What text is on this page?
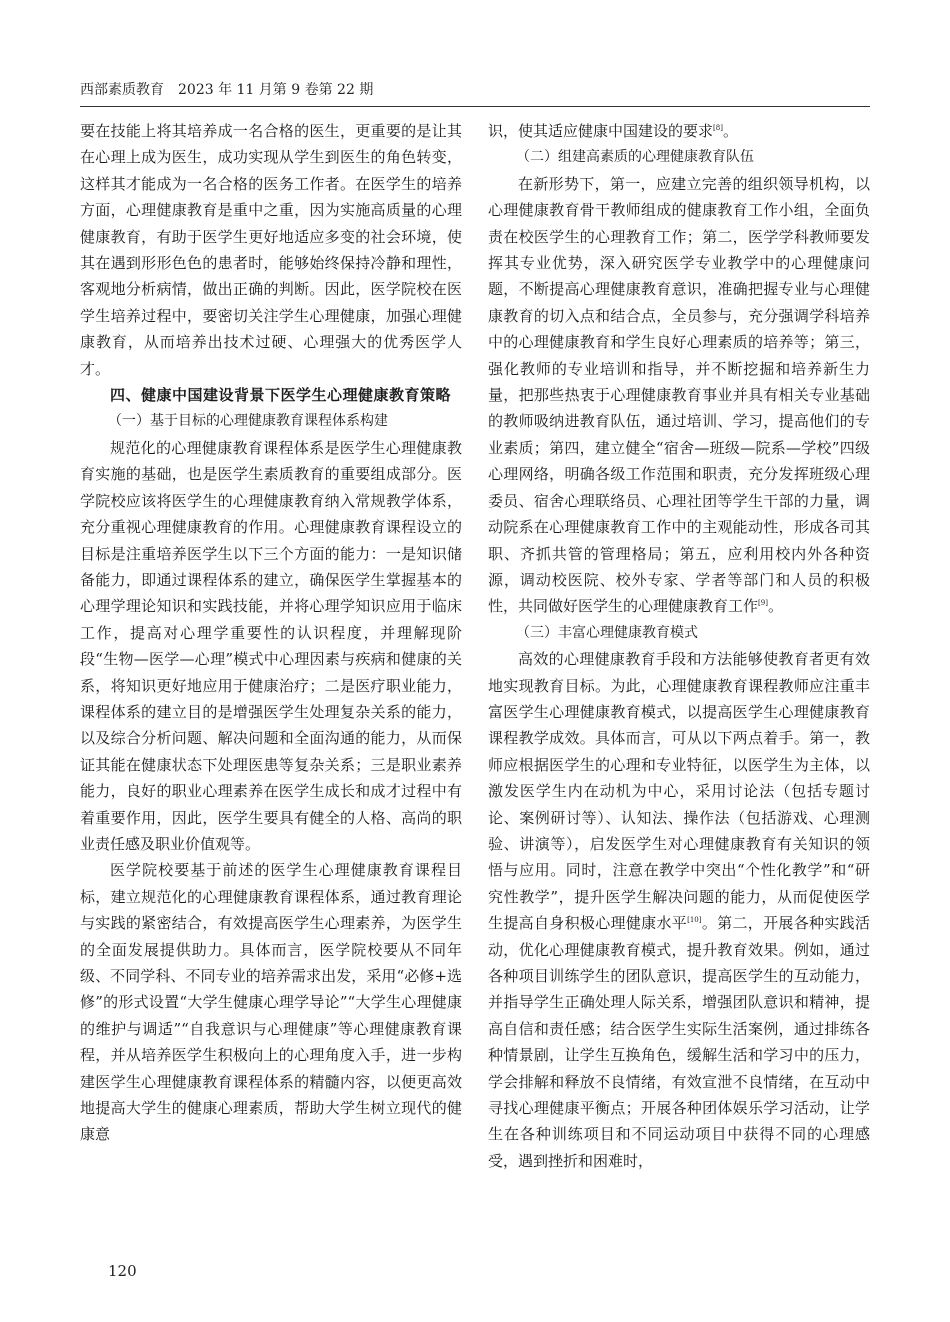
西部素质教育　2023 年 11 月第 9 卷第 22 期

要在技能上将其培养成一名合格的医生，更重要的是让其在心理上成为医生，成功实现从学生到医生的角色转变，这样其才能成为一名合格的医务工作者。在医学生的培养方面，心理健康教育是重中之重，因为实施高质量的心理健康教育，有助于医学生更好地适应多变的社会环境，使其在遇到形形色色的患者时，能够始终保持冷静和理性，客观地分析病情，做出正确的判断。因此，医学院校在医学生培养过程中，要密切关注学生心理健康，加强心理健康教育，从而培养出技术过硬、心理强大的优秀医学人才。

四、健康中国建设背景下医学生心理健康教育策略
（一）基于目标的心理健康教育课程体系构建

规范化的心理健康教育课程体系是医学生心理健康教育实施的基础，也是医学生素质教育的重要组成部分。医学院校应该将医学生的心理健康教育纳入常规教学体系，充分重视心理健康教育的作用。心理健康教育课程设立的目标是注重培养医学生以下三个方面的能力：一是知识储备能力，即通过课程体系的建立，确保医学生掌握基本的心理学理论知识和实践技能，并将心理学知识应用于临床工作，提高对心理学重要性的认识程度，并理解现阶段“生物—医学—心理”模式中心理因素与疾病和健康的关系，将知识更好地应用于健康治疗；二是医疗职业能力，课程体系的建立目的是增强医学生处理复杂关系的能力，以及综合分析问题、解决问题和全面沟通的能力，从而保证其能在健康状态下处理医患等复杂关系；三是职业素养能力，良好的职业心理素养在医学生成长和成才过程中有着重要作用，因此，医学生要具有健全的人格、高尚的职业责任感及职业价值观等。

医学院校要基于前述的医学生心理健康教育课程目标，建立规范化的心理健康教育课程体系，通过教育理论与实践的紧密结合，有效提高医学生心理素养，为医学生的全面发展提供助力。具体而言，医学院校要从不同年级、不同学科、不同专业的培养需求出发，采用“必修+选修”的形式设置“大学生健康心理学导论”“大学生心理健康的维护与调适”“自我意识与心理健康”等心理健康教育课程，并从培养医学生积极向上的心理角度入手，进一步构建医学生心理健康教育课程体系的精髓内容，以便更高效地提高大学生的健康心理素质，帮助大学生树立现代的健康意

识，使其适应健康中国建设的要求[8]。

（二）组建高素质的心理健康教育队伍

在新形势下，第一，应建立完善的组织领导机构，以心理健康教育骨干教师组成的健康教育工作小组，全面负责在校医学生的心理教育工作；第二，医学学科教师要发挥其专业优势，深入研究医学专业教学中的心理健康问题，不断提高心理健康教育意识，准确把握专业与心理健康教育的切入点和结合点，全员参与，充分强调学科培养中的心理健康教育和学生良好心理素质的培养等；第三，强化教师的专业培训和指导，并不断挖掘和培养新生力量，把那些热衷于心理健康教育事业并具有相关专业基础的教师吸纳进教育队伍，通过培训、学习，提高他们的专业素质；第四，建立健全“宿舍—班级—院系—学校”四级心理网络，明确各级工作范围和职责，充分发挥班级心理委员、宿舍心理联络员、心理社团等学生干部的力量，调动院系在心理健康教育工作中的主观能动性，形成各司其职、齐抓共管的管理格局；第五，应利用校内外各种资源，调动校医院、校外专家、学者等部门和人员的积极性，共同做好医学生的心理健康教育工作[9]。

（三）丰富心理健康教育模式

高效的心理健康教育手段和方法能够使教育者更有效地实现教育目标。为此，心理健康教育课程教师应注重丰富医学生心理健康教育模式，以提高医学生心理健康教育课程教学成效。具体而言，可从以下两点着手。第一，教师应根据医学生的心理和专业特征，以医学生为主体，以激发医学生内在动机为中心，采用讨论法（包括专题讨论、案例研讨等）、认知法、操作法（包括游戏、心理测验、讲演等），启发医学生对心理健康教育有关知识的领悟与应用。同时，注意在教学中突出“个性化教学”和“研究性教学”，提升医学生解决问题的能力，从而促使医学生提高自身积极心理健康水平[10]。第二，开展各种实践活动，优化心理健康教育模式，提升教育效果。例如，通过各种项目训练学生的团队意识，提高医学生的互动能力，并指导学生正确处理人际关系，增强团队意识和精神，提高自信和责任感；结合医学生实际生活案例，通过排练各种情景剧，让学生互换角色，缓解生活和学习中的压力，学会排解和释放不良情绪，有效宣泄不良情绪，在互动中寻找心理健康平衡点；开展各种团体娱乐学习活动，让学生在各种训练项目和不同运动项目中获得不同的心理感受，遇到挫折和困难时，

120
